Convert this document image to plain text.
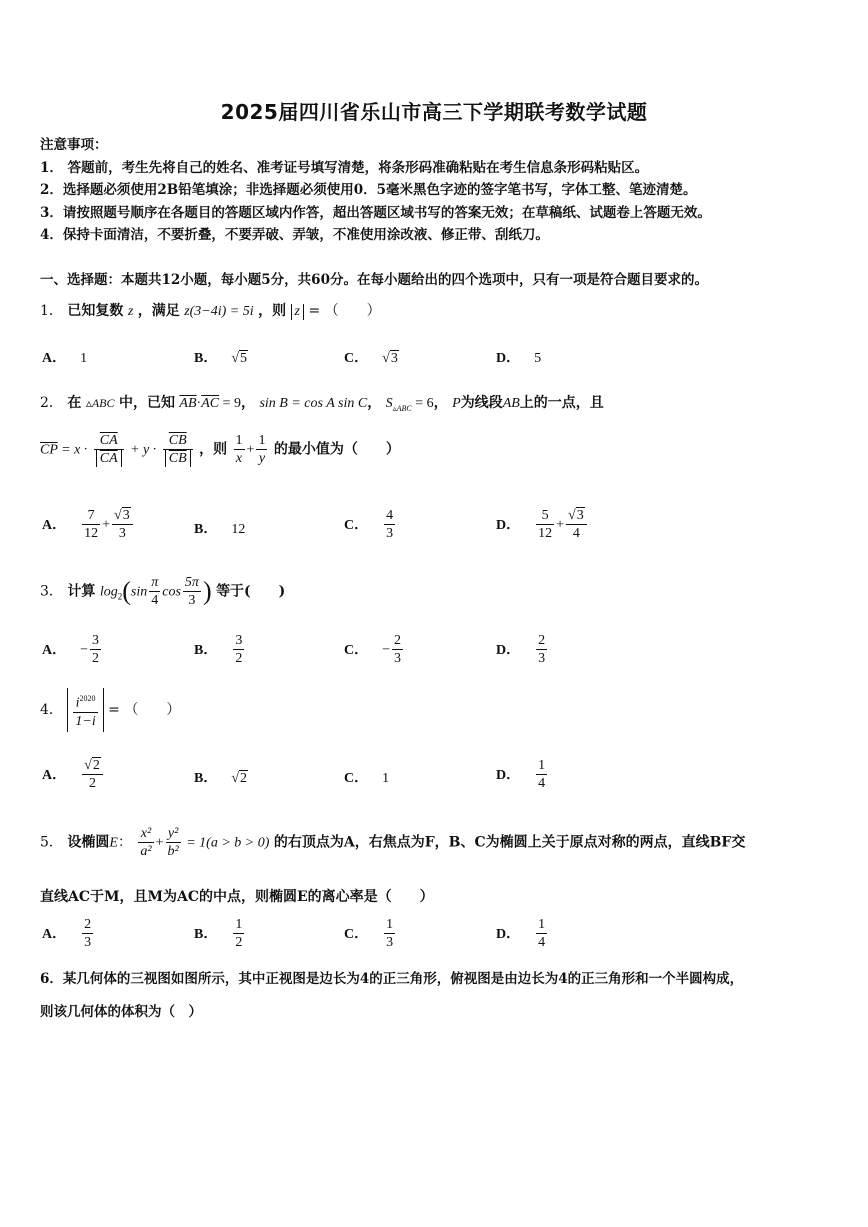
2025届四川省乐山市高三下学期联考数学试题
注意事项：
1． 答题前，考生先将自己的姓名、准考证号填写清楚，将条形码准确粘贴在考生信息条形码粘贴区。
2．选择题必须使用2B铅笔填涂；非选择题必须使用0．5毫米黑色字迹的签字笔书写，字体工整、笔迹清楚。
3．请按照题号顺序在各题目的答题区域内作答，超出答题区域书写的答案无效；在草稿纸、试题卷上答题无效。
4．保持卡面清洁，不要折叠，不要弄破、弄皱，不准使用涂改液、修正带、刮纸刀。
一、选择题：本题共12小题，每小题5分，共60分。在每小题给出的四个选项中，只有一项是符合题目要求的。
1． 已知复数 z ，满足 z(3−4i) = 5i ，则 z = （　　）
A． 1	B． √5	C． √3	D． 5
2． 在 ▵ABC 中，已知 $\overline{AB}\cdot\overline{AC} = 9$， sin B = cos A sin C， $S_{▵ABC} = 6$， P为线段AB上的一点，且
$\overline{CP} = x \cdot \frac{\overline{CA}}{CA} + y \cdot \frac{\overline{CB}}{CB}$ ，则 $\frac{1}{x} + \frac{1}{y}$ 的最小值为（　　）
A． $\frac{7}{12} + \frac{√3}{3}$	B． 12	C． $\frac{4}{3}$	D． $\frac{5}{12} + \frac{√3}{4}$
3． 计算 $\log_2(\sin \frac{\pi}{4}$ $\cos \frac{5\pi}{3}$ ) 等于(　　)
A． − $\frac{3}{2}$	B． $\frac{3}{2}$	C． − $\frac{2}{3}$	D． $\frac{2}{3}$
4． $\frac{i^{2020}}{1-i}$ = （　　）
A． $\frac{√2}{2}$	B． √2	C． 1	D． $\frac{1}{4}$
5． 设椭圆E： $\frac{\text{x²}}{\text{a²}} + \frac{\text{y²}}{\text{b²}} = 1(a > b > 0)$ 的右顶点为A，右焦点为F，B、C为椭圆上关于原点对称的两点，直线BF交
直线AC于M，且M为AC的中点，则椭圆E的离心率是（　　）
A． $\frac{2}{3}$	B． $\frac{1}{2}$	C． $\frac{1}{3}$	D． $\frac{1}{4}$
6．某几何体的三视图如图所示，其中正视图是边长为4的正三角形，俯视图是由边长为4的正三角形和一个半圆构成，
则该几何体的体积为（　）
